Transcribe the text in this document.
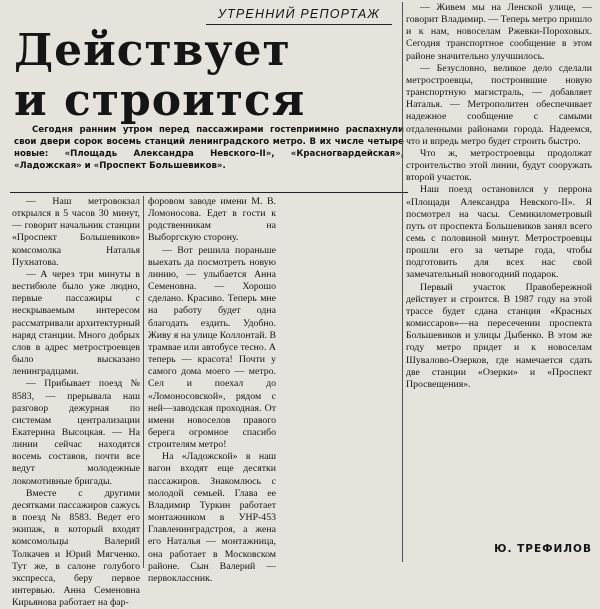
УТРЕННИЙ РЕПОРТАЖ
Действует
и строится

Сегодня ранним утром перед пассажирами гостеприимно распахнули свои двери сорок восемь станций ленинградского метро. В их числе четыре новые: «Площадь Александра Невского-II», «Красногвардейская», «Ладожская» и «Проспект Большевиков».

— Наш метровокзал открылся в 5 часов 30 минут, — говорит начальник станции «Проспект Большевиков» комсомолка Наталья Пухнатова.

— А через три минуты в вестибюле было уже людно, первые пассажиры с нескрываемым интересом рассматривали архитектурный наряд станции. Много добрых слов в адрес метростроевцев было высказано ленинградцами.

— Прибывает поезд № 8583, — прерывала наш разговор дежурная по системам централизации Екатерина Высоцкая. — На линии сейчас находятся восемь составов, почти все ведут молодежные локомотивные бригады.

Вместе с другими десятками пассажиров сажусь в поезд № 8583. Ведет его экипаж, в который входят комсомольцы Валерий Толкачев и Юрий Мягченко. Тут же, в салоне голубого экспресса, беру первое интервью. Анна Семеновна Кирьянова работает на фар-

форовом заводе имени М. В. Ломоносова. Едет в гости к родственникам на Выборгскую сторону.

— Вот решила пораньше выехать да посмотреть новую линию, — улыбается Анна Семеновна. — Хорошо сделано. Красиво. Теперь мне на работу будет одна благодать ездить. Удобно. Живу я на улице Коллонтай. В трамвае или автобусе тесно. А теперь — красота! Почти у самого дома моего — метро. Сел и поехал до «Ломоносовской», рядом с ней—заводская проходная. От имени новоселов правого берега огромное спасибо строителям метро!

На «Ладожской» в наш вагон входят еще десятки пассажиров. Знакомлюсь с молодой семьей. Глава ее Владимир Туркин работает монтажником в УНР-453 Главленинградстроя, а жена его Наталья — монтажница, она работает в Московском районе. Сын Валерий — первоклассник.

— Живем мы на Ленской улице, — говорит Владимир. — Теперь метро пришло и к нам, новоселам Ржевки-Пороховых. Сегодня транспортное сообщение в этом районе значительно улучшилось.

— Безусловно, великое дело сделали метростроевцы, построившие новую транспортную магистраль, — добавляет Наталья. — Метрополитен обеспечивает надежное сообщение с самыми отдаленными районами города. Надеемся, что и впредь метро будет строить быстро.

Что ж, метростроевцы продолжат строительство этой линии, будут сооружать второй участок.

Наш поезд остановился у перрона «Площади Александра Невского-II». Я посмотрел на часы. Семикилометровый путь от проспекта Большевиков занял всего семь с половиной минут. Метростроевцы прошли его за четыре года, чтобы подготовить для всех нас свой замечательный новогодний подарок.

Первый участок Правобережной действует и строится. В 1987 году на этой трассе будет сдана станция «Красных комиссаров»—на пересечении проспекта Большевиков и улицы Дыбенко. В этом же году метро придет и к новоселам Шувалово-Озерков, где намечается сдать две станции «Озерки» и «Проспект Просвещения».

Ю. ТРЕФИЛОВ
